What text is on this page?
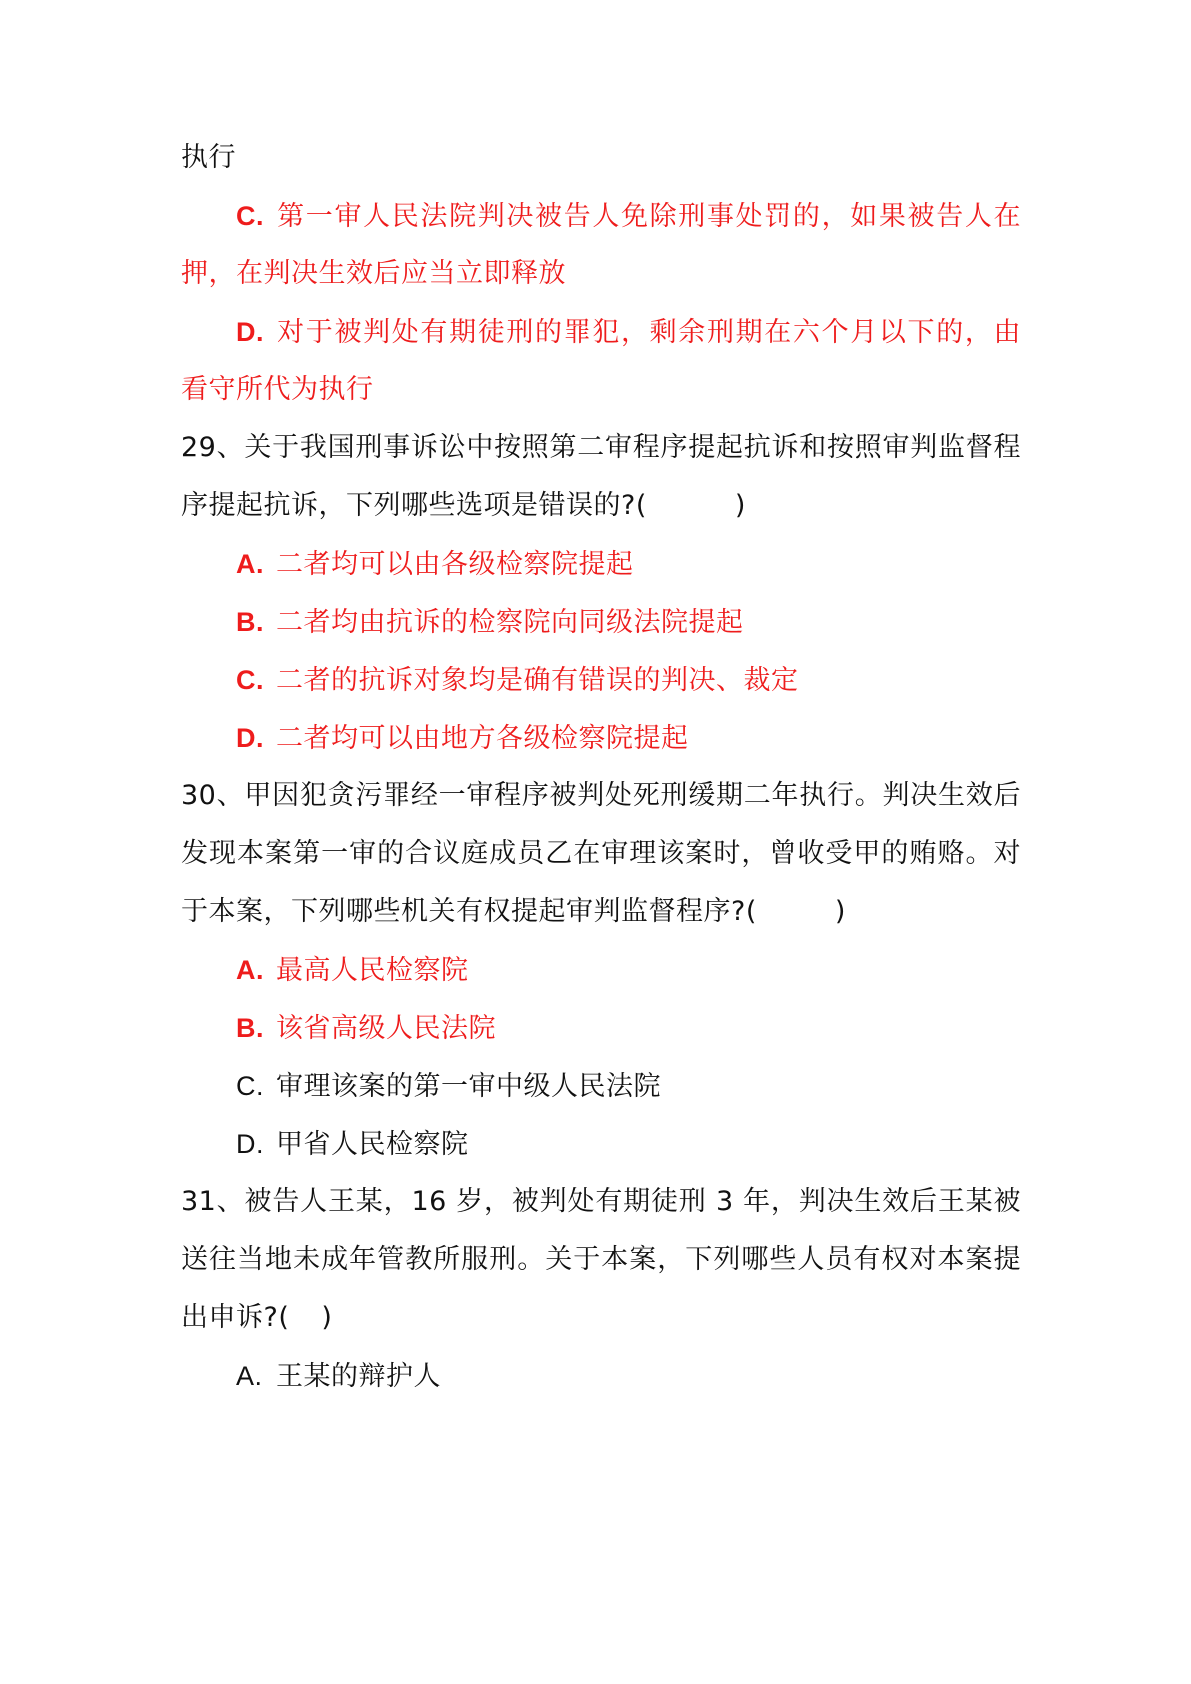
执行
C. 第一审人民法院判决被告人免除刑事处罚的，如果被告人在
押，在判决生效后应当立即释放
D. 对于被判处有期徒刑的罪犯，剩余刑期在六个月以下的，由
看守所代为执行
29、关于我国刑事诉讼中按照第二审程序提起抗诉和按照审判监督程
序提起抗诉，下列哪些选项是错误的?(	)
A. 二者均可以由各级检察院提起
B. 二者均由抗诉的检察院向同级法院提起
C. 二者的抗诉对象均是确有错误的判决、裁定
D. 二者均可以由地方各级检察院提起
30、甲因犯贪污罪经一审程序被判处死刑缓期二年执行。判决生效后
发现本案第一审的合议庭成员乙在审理该案时，曾收受甲的贿赂。对
于本案，下列哪些机关有权提起审判监督程序?(	)
A. 最高人民检察院
B. 该省高级人民法院
C. 审理该案的第一审中级人民法院
D. 甲省人民检察院
31、被告人王某，16 岁，被判处有期徒刑 3 年，判决生效后王某被
送往当地未成年管教所服刑。关于本案，下列哪些人员有权对本案提
出申诉?( )
A. 王某的辩护人
